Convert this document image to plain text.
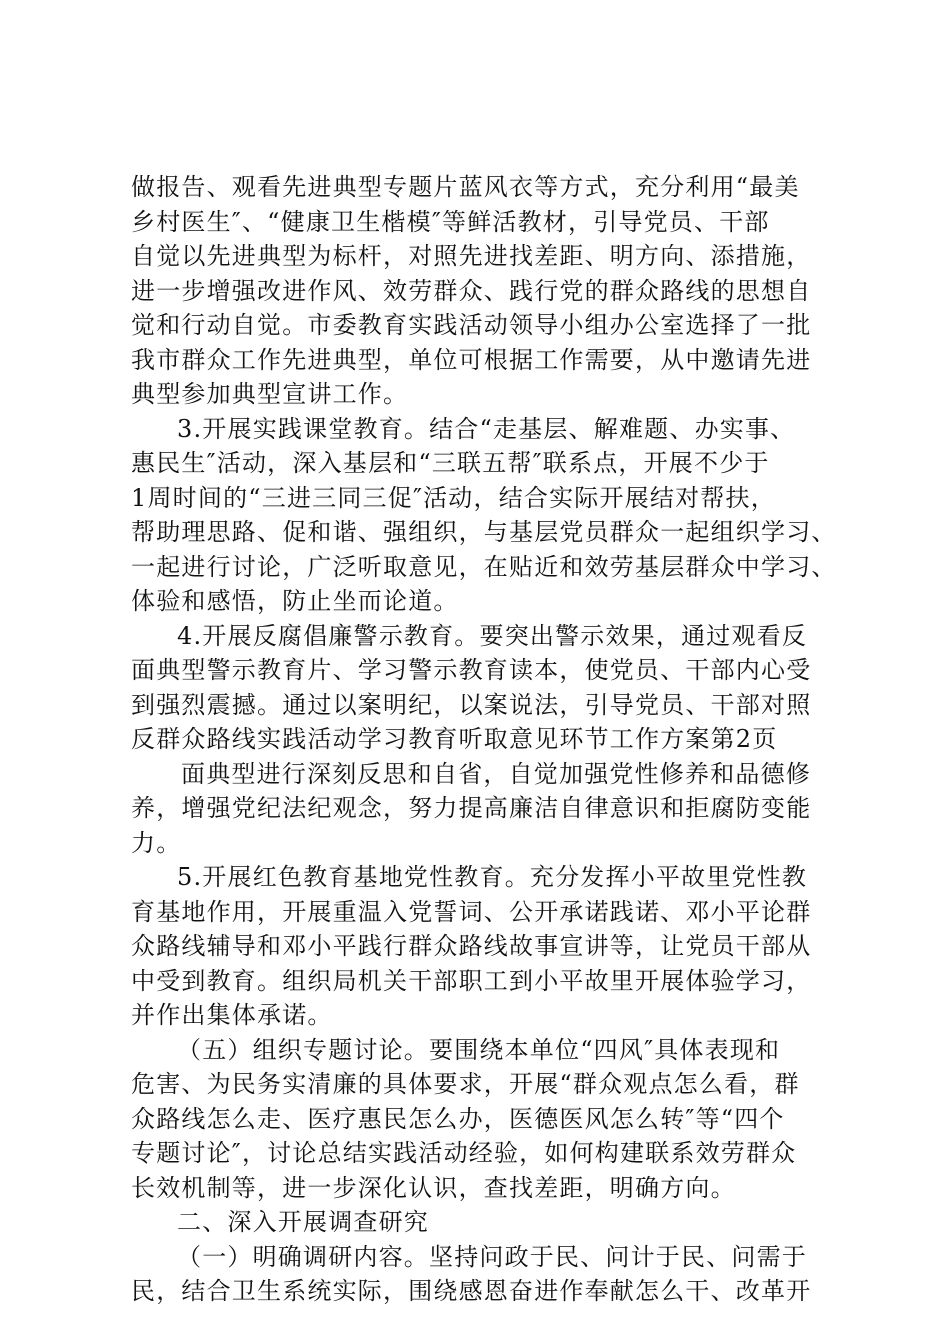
做报告、观看先进典型专题片蓝风衣等方式，充分利用“最美
乡村医生″、“健康卫生楷模″等鲜活教材，引导党员、干部
自觉以先进典型为标杆，对照先进找差距、明方向、添措施，
进一步增强改进作风、效劳群众、践行党的群众路线的思想自
觉和行动自觉。市委教育实践活动领导小组办公室选择了一批
我市群众工作先进典型，单位可根据工作需要，从中邀请先进
典型参加典型宣讲工作。
3.开展实践课堂教育。结合“走基层、解难题、办实事、
惠民生″活动，深入基层和“三联五帮″联系点，开展不少于
1周时间的“三进三同三促″活动，结合实际开展结对帮扶，
帮助理思路、促和谐、强组织，与基层党员群众一起组织学习、
一起进行讨论，广泛听取意见，在贴近和效劳基层群众中学习、
体验和感悟，防止坐而论道。
4.开展反腐倡廉警示教育。要突出警示效果，通过观看反
面典型警示教育片、学习警示教育读本，使党员、干部内心受
到强烈震撼。通过以案明纪，以案说法，引导党员、干部对照
反群众路线实践活动学习教育听取意见环节工作方案第2页
面典型进行深刻反思和自省，自觉加强党性修养和品德修
养，增强党纪法纪观念，努力提高廉洁自律意识和拒腐防变能
力。
5.开展红色教育基地党性教育。充分发挥小平故里党性教
育基地作用，开展重温入党誓词、公开承诺践诺、邓小平论群
众路线辅导和邓小平践行群众路线故事宣讲等，让党员干部从
中受到教育。组织局机关干部职工到小平故里开展体验学习，
并作出集体承诺。
（五）组织专题讨论。要围绕本单位“四风″具体表现和
危害、为民务实清廉的具体要求，开展“群众观点怎么看，群
众路线怎么走、医疗惠民怎么办，医德医风怎么转″等“四个
专题讨论″，讨论总结实践活动经验，如何构建联系效劳群众
长效机制等，进一步深化认识，查找差距，明确方向。
二、深入开展调查研究
（一）明确调研内容。坚持问政于民、问计于民、问需于
民，结合卫生系统实际，围绕感恩奋进作奉献怎么干、改革开
